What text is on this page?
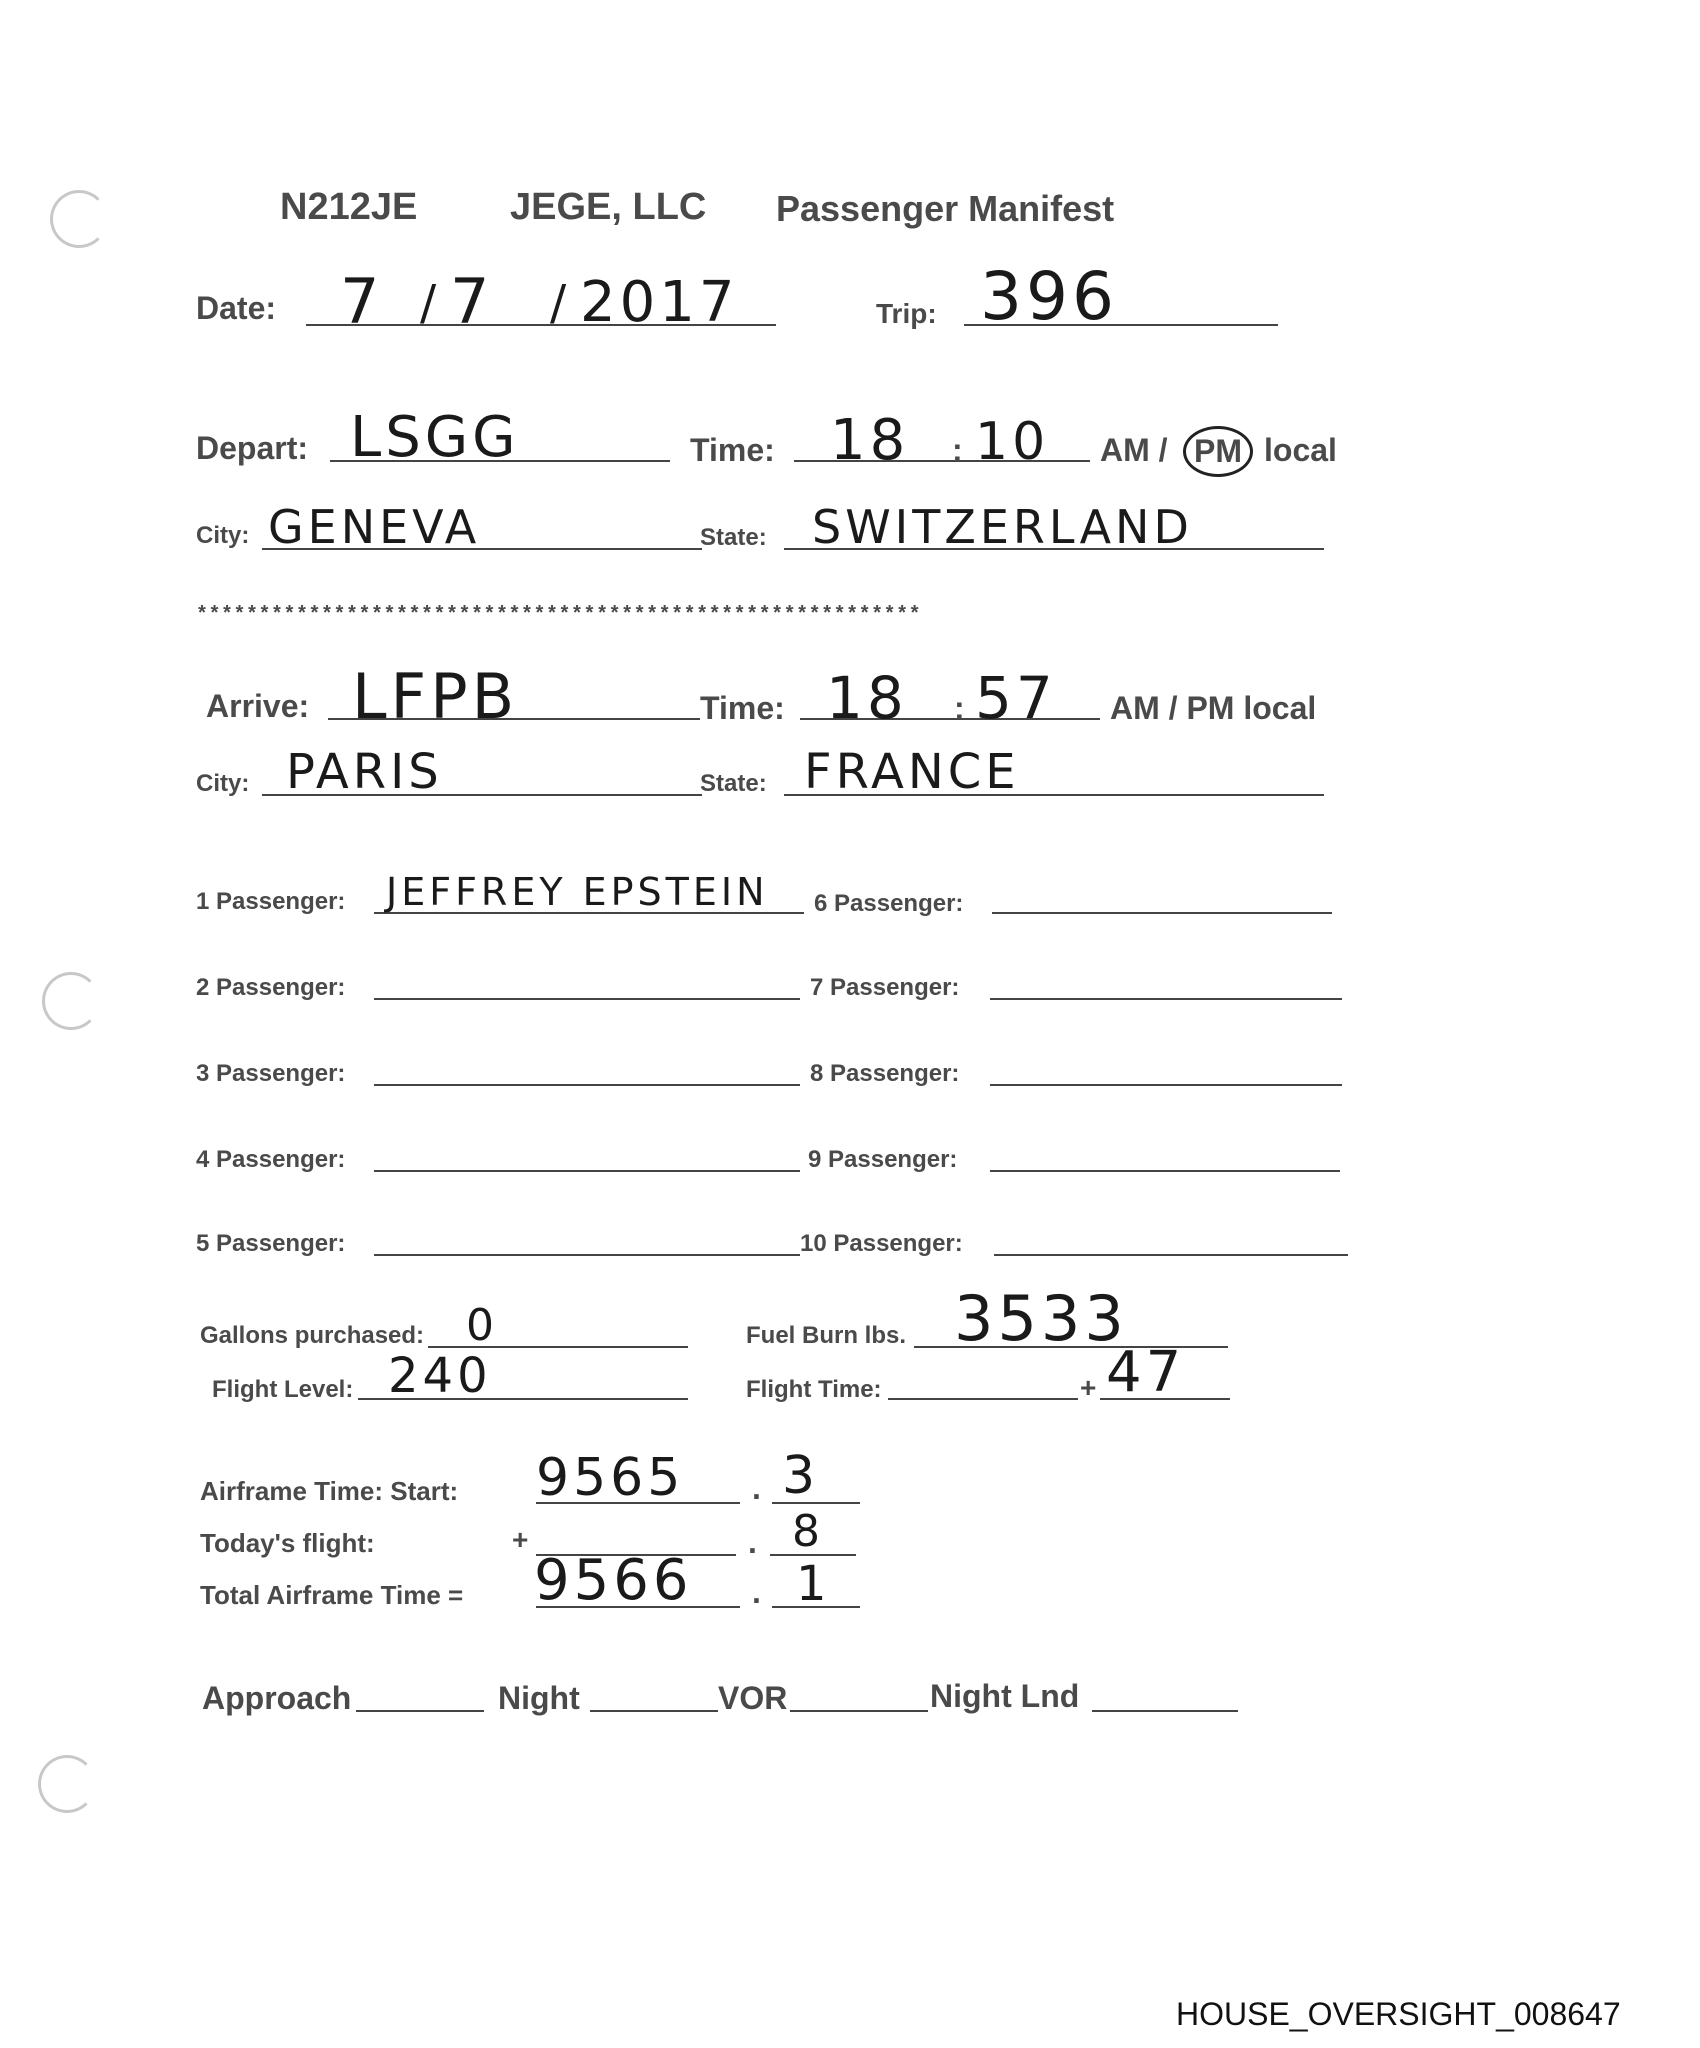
N212JE JEGE, LLC Passenger Manifest
Date: 7 / 7 / 2017	Trip: 396
Depart: LSGG	Time: 18 : 10 AM / PM local
City: GENEVA	State: SWITZERLAND
**********************************************************
Arrive: LFPB	Time: 18 : 57 AM / PM local
City: PARIS	State: FRANCE
1 Passenger: JEFFREY EPSTEIN
2 Passenger:
3 Passenger:
4 Passenger:
5 Passenger:
6 Passenger:
7 Passenger:
8 Passenger:
9 Passenger:
10 Passenger:
Gallons purchased: 0	Fuel Burn lbs. 3533
Flight Level: 240	Flight Time:	+ 47
Airframe Time: Start: 9565 . 3
Today's flight:	+	. 8
Total Airframe Time = 9566 . 1
Approach	Night	VOR	Night Lnd
HOUSE_OVERSIGHT_008647
